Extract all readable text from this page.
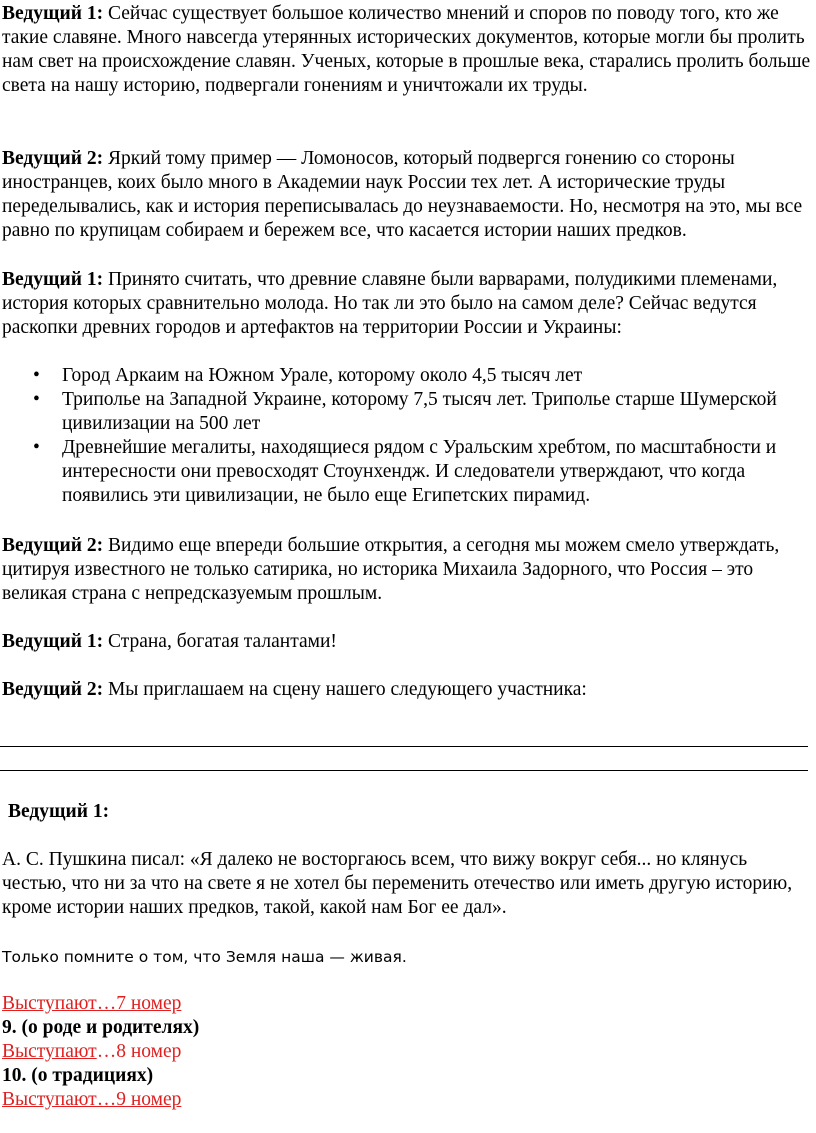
Ведущий 1: Сейчас существует большое количество мнений и споров по поводу того, кто же такие славяне. Много навсегда утерянных исторических документов, которые могли бы пролить нам свет на происхождение славян. Ученых, которые в прошлые века, старались пролить больше света на нашу историю, подвергали гонениям и уничтожали их труды.

Ведущий 2: Яркий тому пример — Ломоносов, который подвергся гонению со стороны иностранцев, коих было много в Академии наук России тех лет. А исторические труды переделывались, как и история переписывалась до неузнаваемости. Но, несмотря на это, мы все равно по крупицам собираем и бережем все, что касается истории наших предков.

Ведущий 1: Принято считать, что древние славяне были варварами, полудикими племенами, история которых сравнительно молода. Но так ли это было на самом деле? Сейчас ведутся раскопки древних городов и артефактов на территории России и Украины:

• Город Аркаим на Южном Урале, которому около 4,5 тысяч лет
• Триполье на Западной Украине, которому 7,5 тысяч лет. Триполье старше Шумерской цивилизации на 500 лет
• Древнейшие мегалиты, находящиеся рядом с Уральским хребтом, по масштабности и интересности они превосходят Стоунхендж. И следователи утверждают, что когда появились эти цивилизации, не было еще Египетских пирамид.

Ведущий 2: Видимо еще впереди большие открытия, а сегодня мы можем смело утверждать, цитируя известного не только сатирика, но историка Михаила Задорного, что Россия – это великая страна с непредсказуемым прошлым.

Ведущий 1: Страна, богатая талантами!

Ведущий 2: Мы приглашаем на сцену нашего следующего участника:

Ведущий 1:

А. С. Пушкина писал: «Я далеко не восторгаюсь всем, что вижу вокруг себя... но клянусь честью, что ни за что на свете я не хотел бы переменить отечество или иметь другую историю, кроме истории наших предков, такой, какой нам Бог ее дал».

Только помните о том, что Земля наша — живая.

Выступают…7 номер

9. (о роде и родителях)

Выступают…8 номер

10. (о традициях)

Выступают…9 номер
